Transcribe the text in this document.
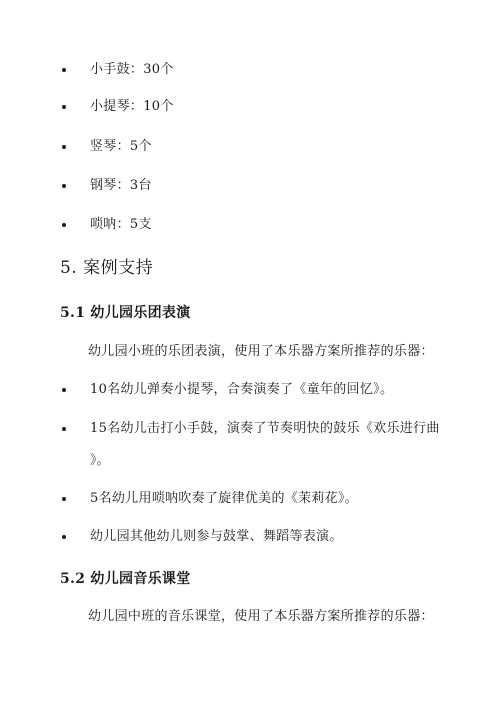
小手鼓：30个
小提琴：10个
竖琴：5个
钢琴：3台
唢呐：5支
5. 案例支持
5.1 幼儿园乐团表演
幼儿园小班的乐团表演，使用了本乐器方案所推荐的乐器：
10名幼儿弹奏小提琴，合奏演奏了《童年的回忆》。
15名幼儿击打小手鼓，演奏了节奏明快的鼓乐《欢乐进行曲
》。
5名幼儿用唢呐吹奏了旋律优美的《茉莉花》。
幼儿园其他幼儿则参与鼓掌、舞蹈等表演。
5.2 幼儿园音乐课堂
幼儿园中班的音乐课堂，使用了本乐器方案所推荐的乐器：
